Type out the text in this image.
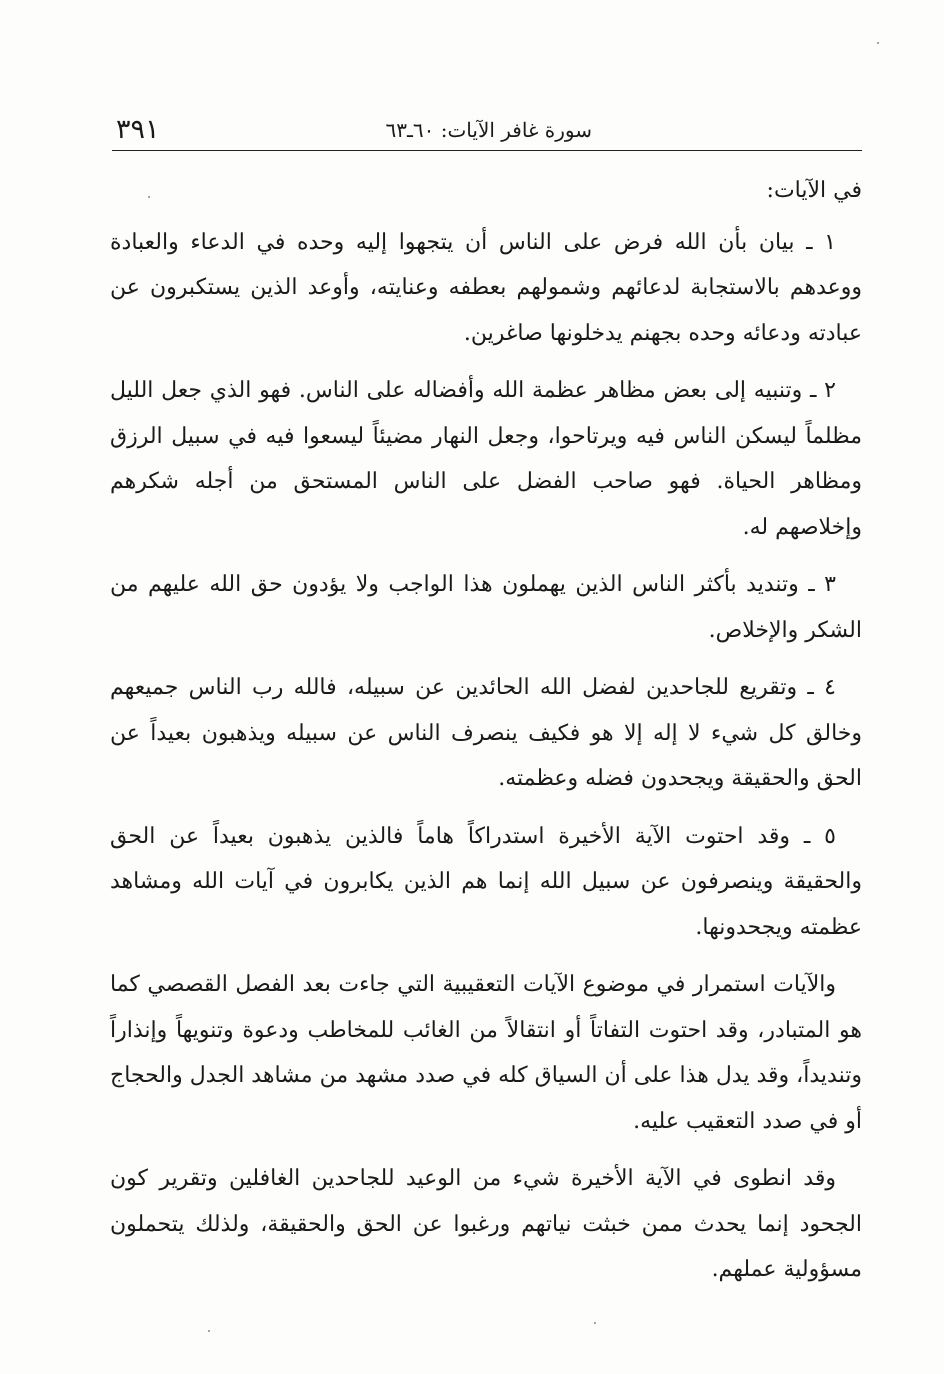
٣٩١	سورة غافر الآيات: ٦٠ـ٦٣

في الآيات:

١ ـ بيان بأن الله فرض على الناس أن يتجهوا إليه وحده في الدعاء والعبادة ووعدهم بالاستجابة لدعائهم وشمولهم بعطفه وعنايته، وأوعد الذين يستكبرون عن عبادته ودعائه وحده بجهنم يدخلونها صاغرين.

٢ ـ وتنبيه إلى بعض مظاهر عظمة الله وأفضاله على الناس. فهو الذي جعل الليل مظلماً ليسكن الناس فيه ويرتاحوا، وجعل النهار مضيئاً ليسعوا فيه في سبيل الرزق ومظاهر الحياة. فهو صاحب الفضل على الناس المستحق من أجله شكرهم وإخلاصهم له.

٣ ـ وتنديد بأكثر الناس الذين يهملون هذا الواجب ولا يؤدون حق الله عليهم من الشكر والإخلاص.

٤ ـ وتقريع للجاحدين لفضل الله الحائدين عن سبيله، فالله رب الناس جميعهم وخالق كل شيء لا إله إلا هو فكيف ينصرف الناس عن سبيله ويذهبون بعيداً عن الحق والحقيقة ويجحدون فضله وعظمته.

٥ ـ وقد احتوت الآية الأخيرة استدراكاً هاماً فالذين يذهبون بعيداً عن الحق والحقيقة وينصرفون عن سبيل الله إنما هم الذين يكابرون في آيات الله ومشاهد عظمته ويجحدونها.

والآيات استمرار في موضوع الآيات التعقيبية التي جاءت بعد الفصل القصصي كما هو المتبادر، وقد احتوت التفاتاً أو انتقالاً من الغائب للمخاطب ودعوة وتنويهاً وإنذاراً وتنديداً، وقد يدل هذا على أن السياق كله في صدد مشهد من مشاهد الجدل والحجاج أو في صدد التعقيب عليه.

وقد انطوى في الآية الأخيرة شيء من الوعيد للجاحدين الغافلين وتقرير كون الجحود إنما يحدث ممن خبثت نياتهم ورغبوا عن الحق والحقيقة، ولذلك يتحملون مسؤولية عملهم.
